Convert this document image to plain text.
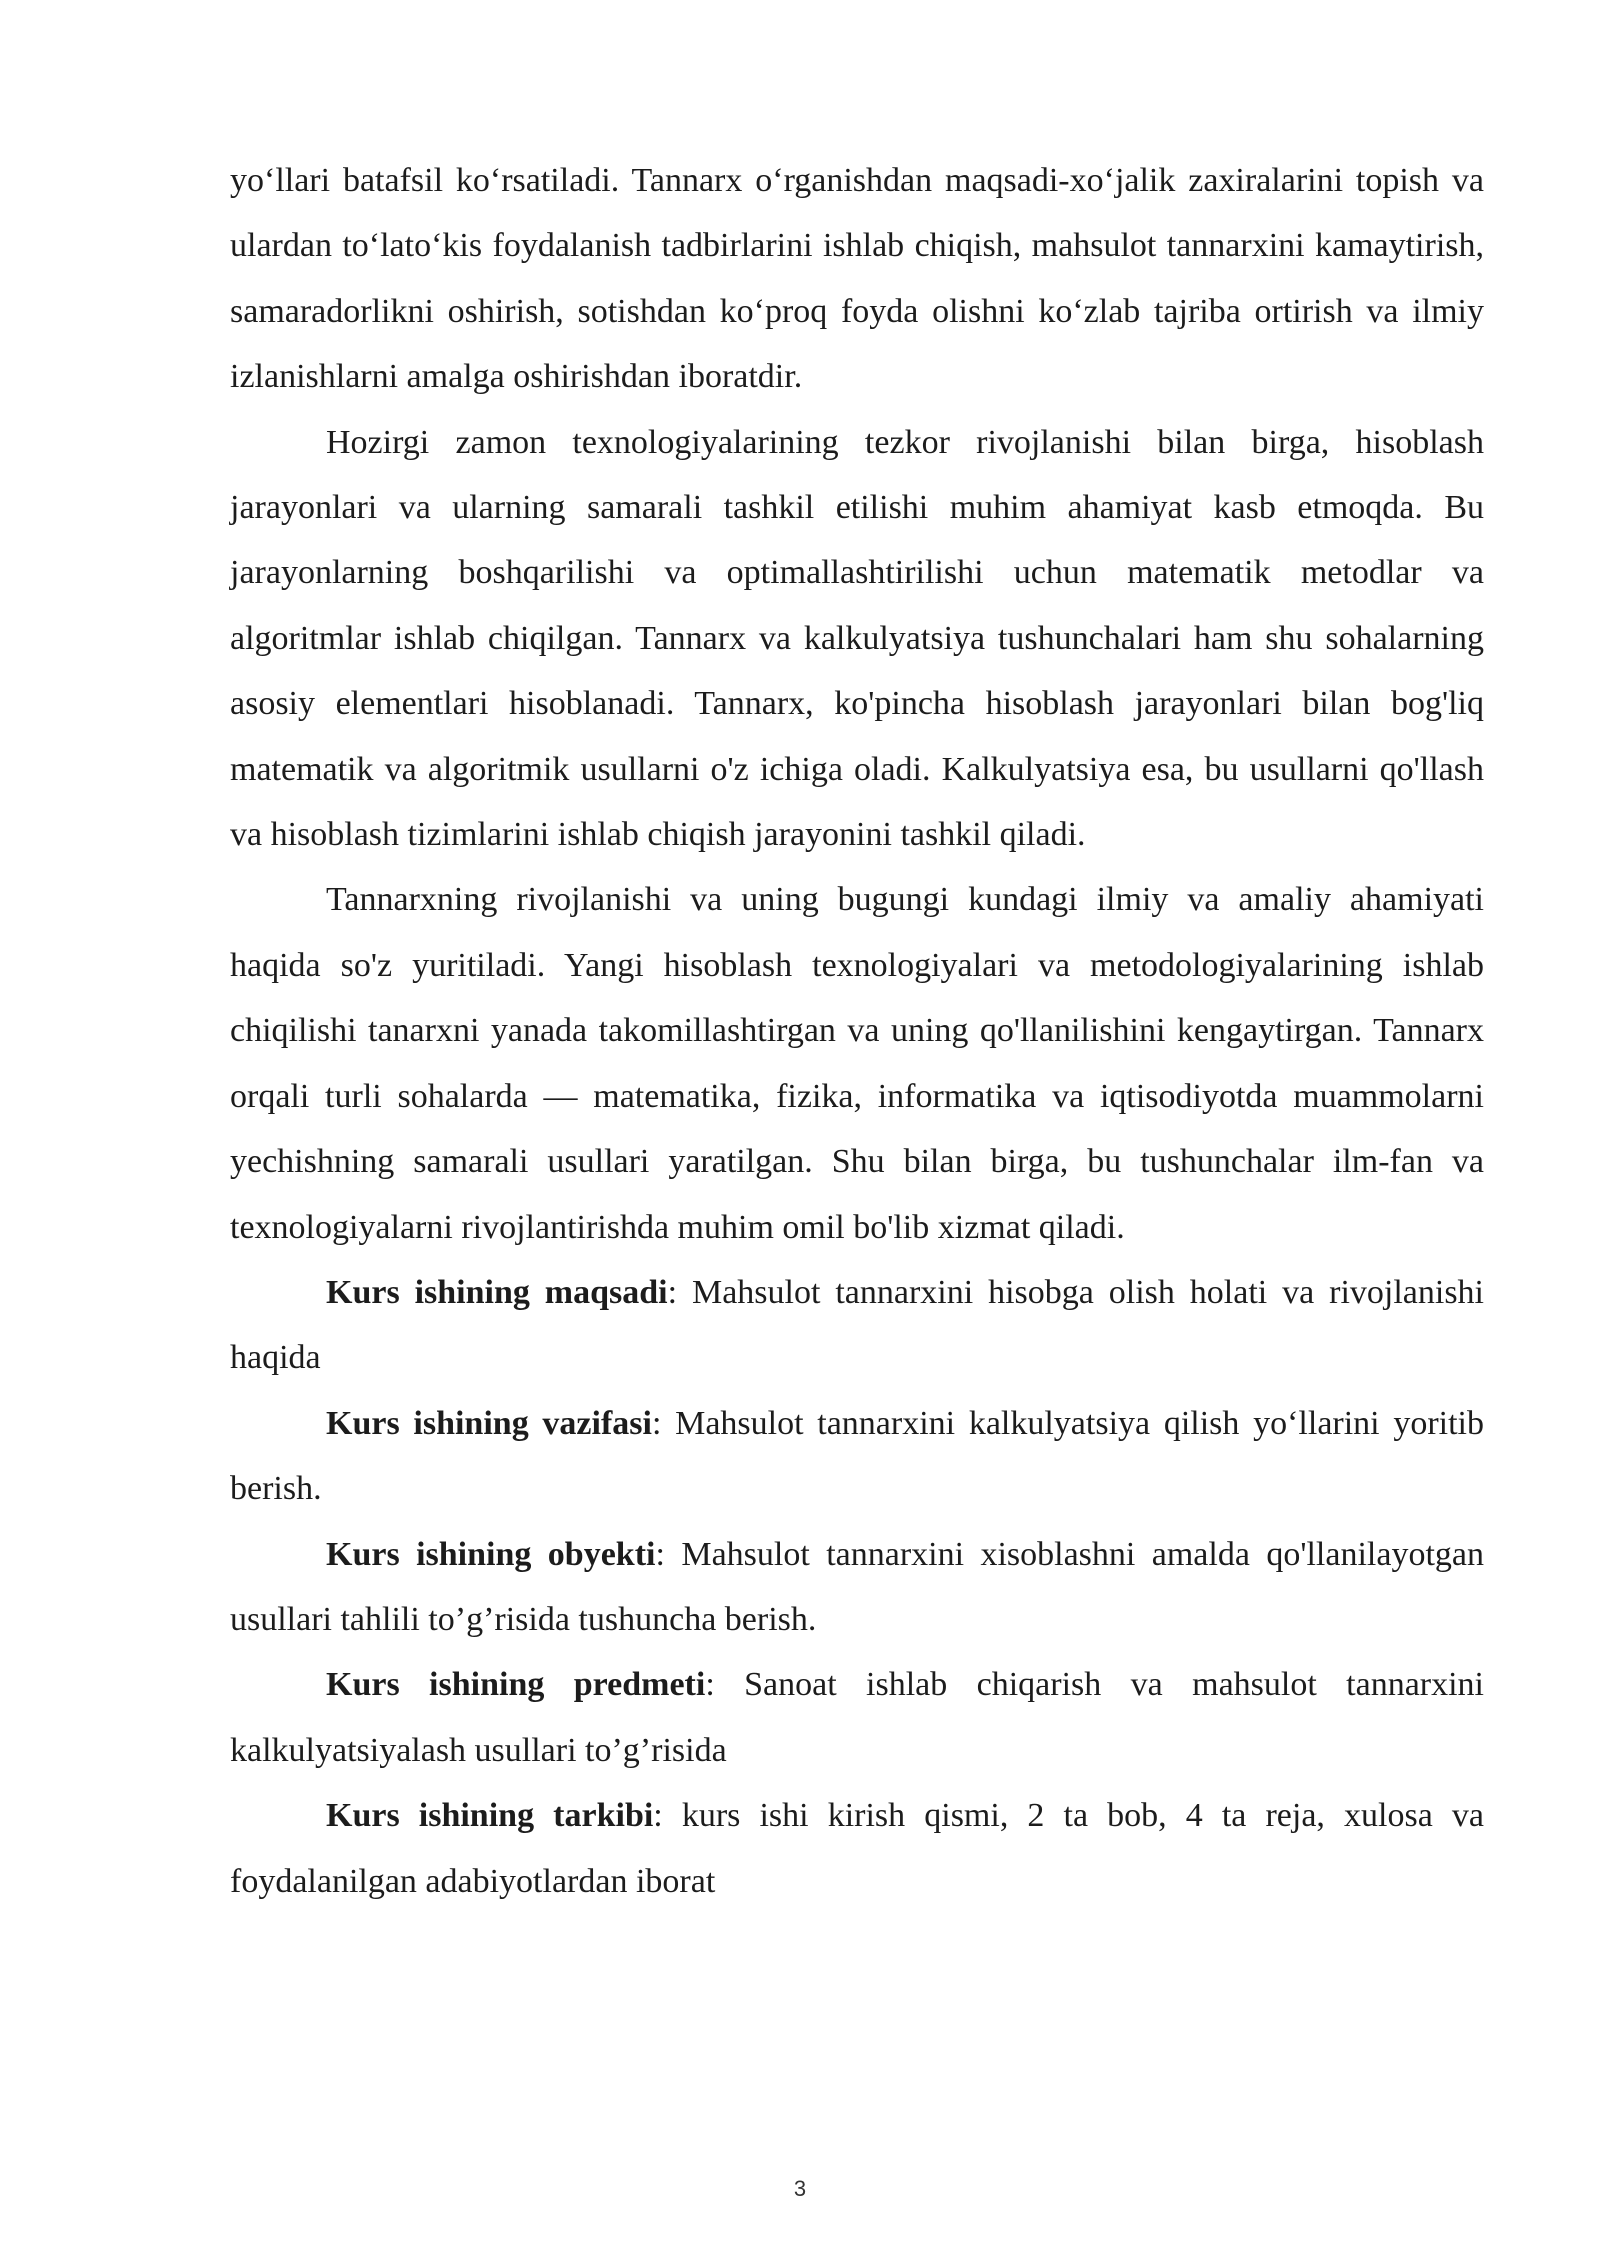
yo‘llari batafsil ko‘rsatiladi. Tannarx o‘rganishdan maqsadi-xo‘jalik zaxiralarini topish va ulardan to‘lato‘kis foydalanish tadbirlarini ishlab chiqish, mahsulot tannarxini kamaytirish, samaradorlikni oshirish, sotishdan ko‘proq foyda olishni ko‘zlab tajriba ortirish va ilmiy izlanishlarni amalga oshirishdan iboratdir.

Hozirgi zamon texnologiyalarining tezkor rivojlanishi bilan birga, hisoblash jarayonlari va ularning samarali tashkil etilishi muhim ahamiyat kasb etmoqda. Bu jarayonlarning boshqarilishi va optimallashtirilishi uchun matematik metodlar va algoritmlar ishlab chiqilgan. Tannarx va kalkulyatsiya tushunchalari ham shu sohalarning asosiy elementlari hisoblanadi. Tannarx, ko'pincha hisoblash jarayonlari bilan bog'liq matematik va algoritmik usullarni o'z ichiga oladi. Kalkulyatsiya esa, bu usullarni qo'llash va hisoblash tizimlarini ishlab chiqish jarayonini tashkil qiladi.

Tannarxning rivojlanishi va uning bugungi kundagi ilmiy va amaliy ahamiyati haqida so'z yuritiladi. Yangi hisoblash texnologiyalari va metodologiyalarining ishlab chiqilishi tanarxni yanada takomillashtirgan va uning qo'llanilishini kengaytirgan. Tannarx orqali turli sohalarda — matematika, fizika, informatika va iqtisodiyotda muammolarni yechishning samarali usullari yaratilgan. Shu bilan birga, bu tushunchalar ilm-fan va texnologiyalarni rivojlantirishda muhim omil bo'lib xizmat qiladi.

Kurs ishining maqsadi: Mahsulot tannarxini hisobga olish holati va rivojlanishi haqida

Kurs ishining vazifasi: Mahsulot tannarxini kalkulyatsiya qilish yo‘llarini yoritib berish.

Kurs ishining obyekti: Mahsulot tannarxini xisoblashni amalda qo'llanilayotgan usullari tahlili to’g’risida tushuncha berish.

Kurs ishining predmeti: Sanoat ishlab chiqarish va mahsulot tannarxini kalkulyatsiyalash usullari to’g’risida

Kurs ishining tarkibi: kurs ishi kirish qismi, 2 ta bob, 4 ta reja, xulosa va foydalanilgan adabiyotlardan iborat

3
